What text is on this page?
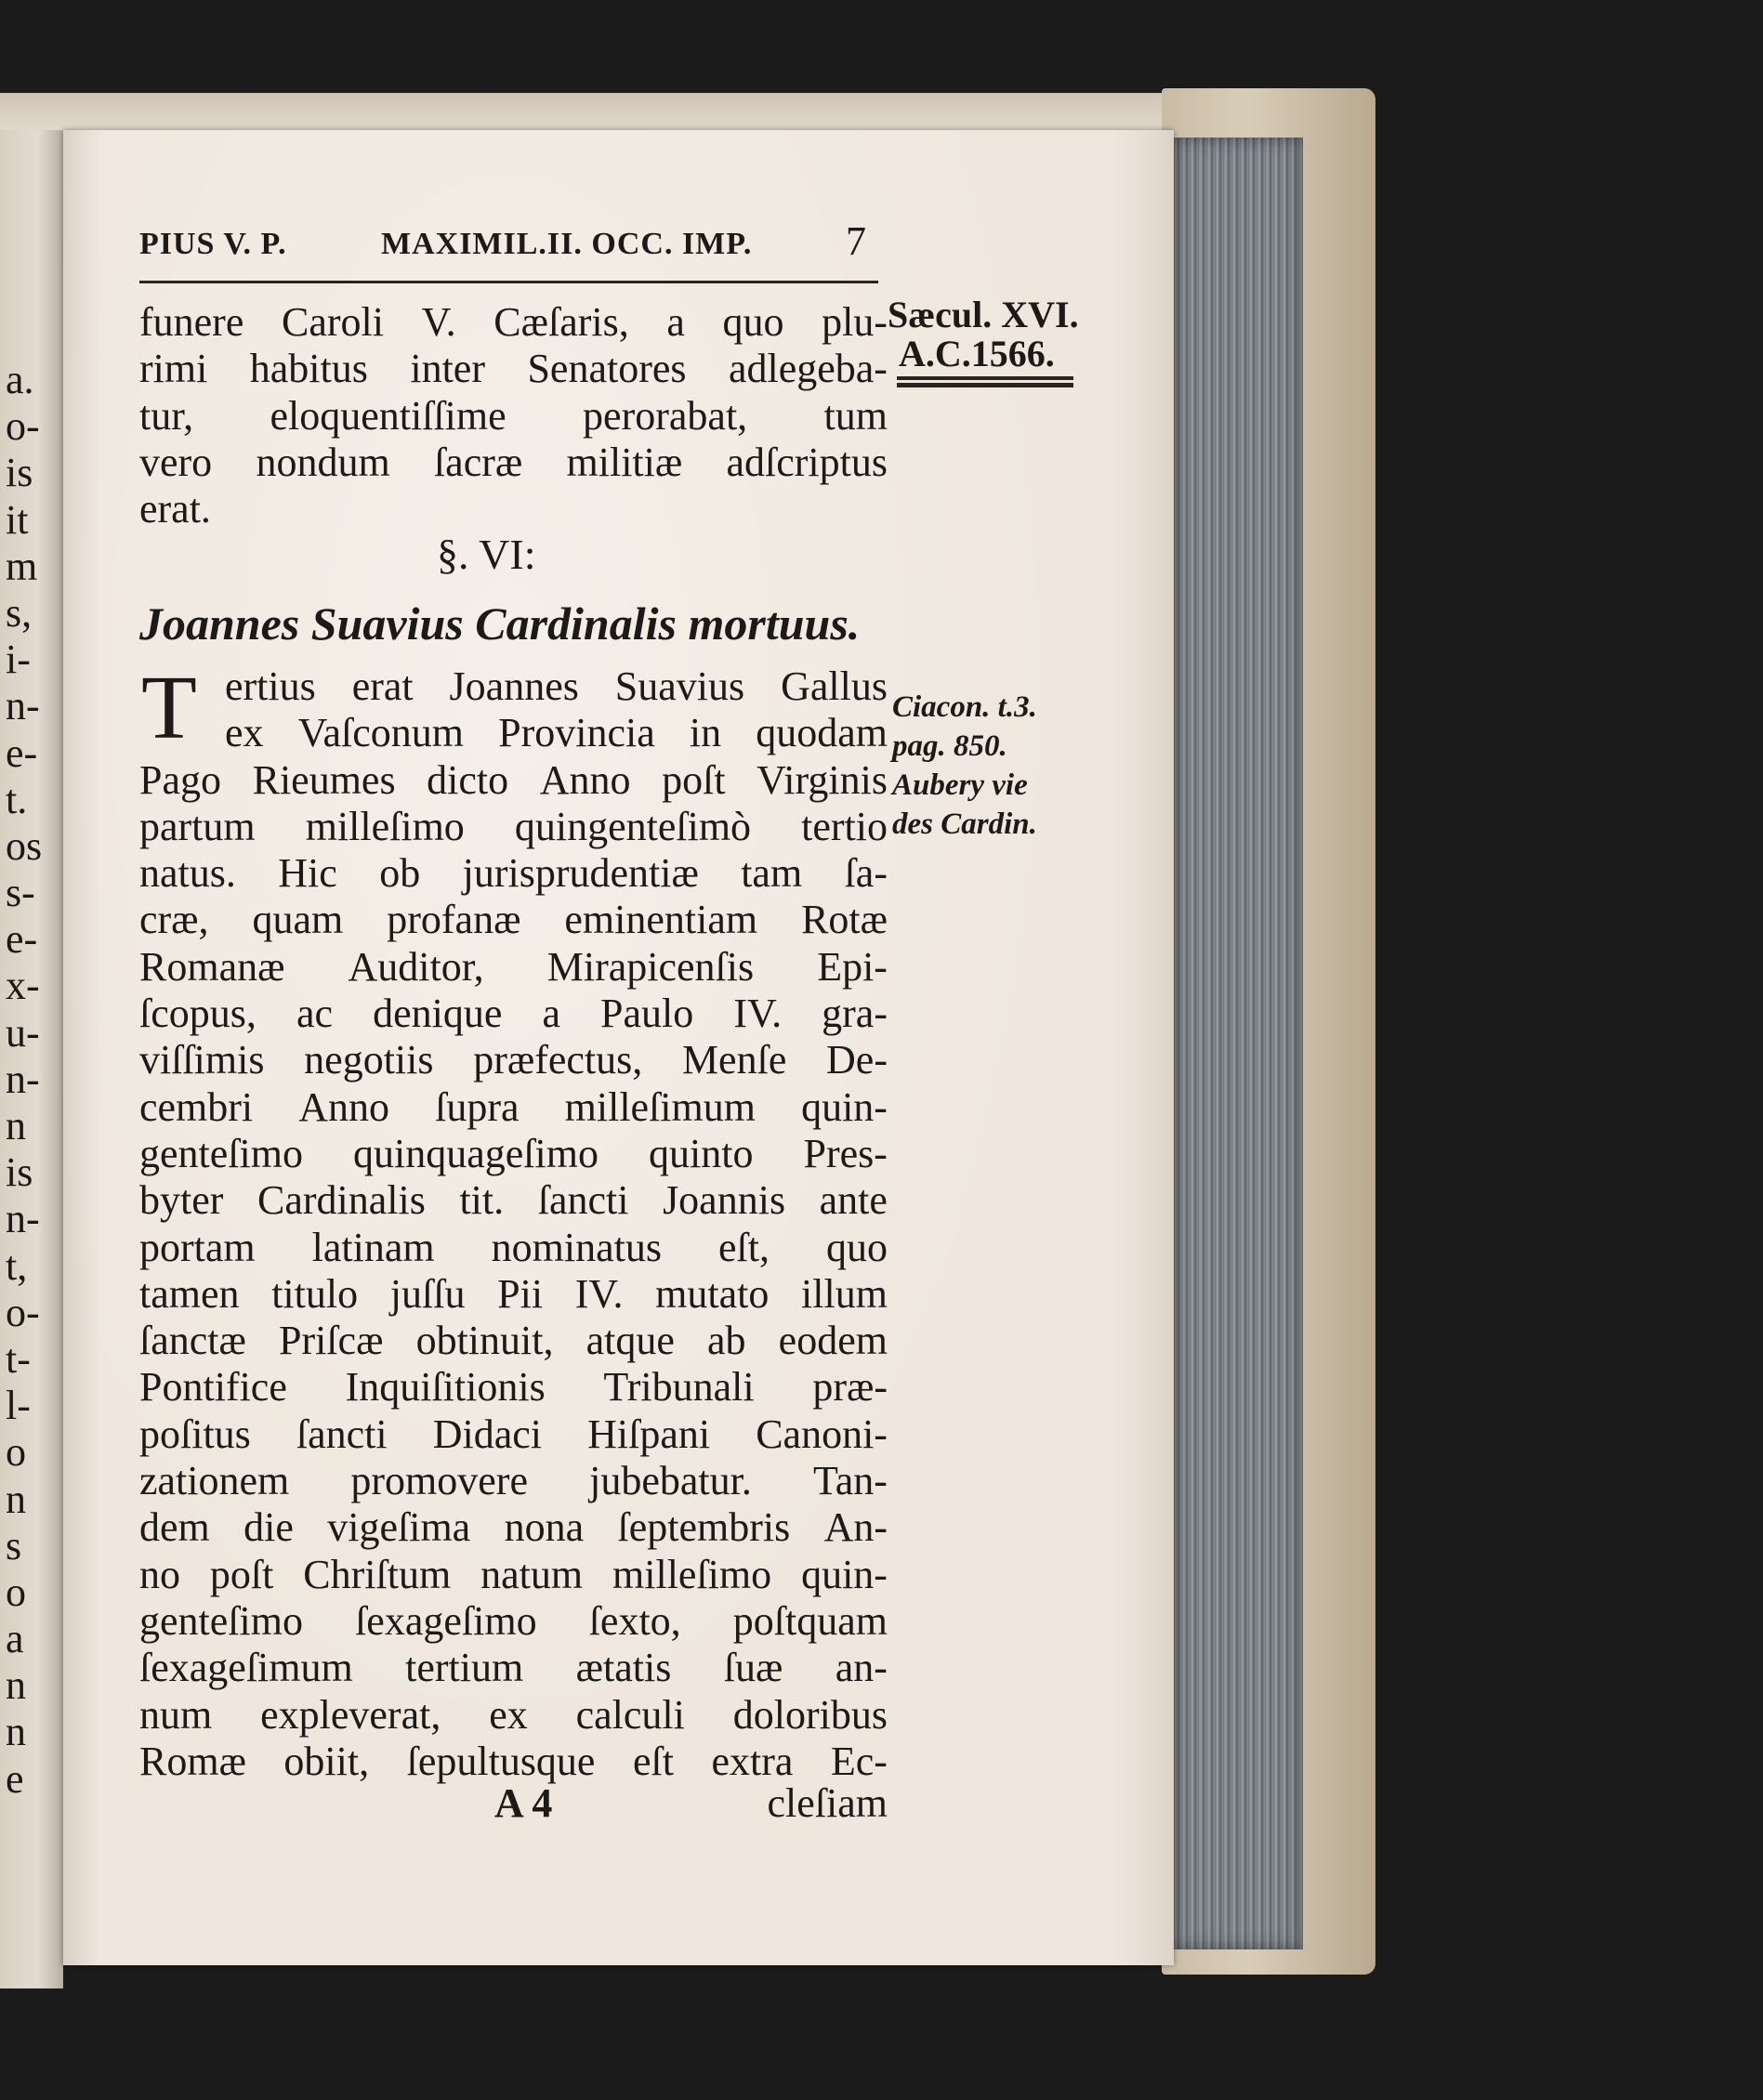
a.
o-
is
it
m
s,
i-
n-
e-
t.
os
s-
e-
x-
u-
n-
n
is
n-
t,
o-
t-
l-
o
n
s
o
a
n
n
e
PIUS V. P.	MAXIMIL.II. OCC. IMP. 7
Sæcul. XVI.
A.C.1566.
Ciacon. t.3.
pag. 850.
Aubery vie
des Cardin.
funere Caroli V. Cæſaris, a quo plu-
rimi habitus inter Senatores adlegeba-
tur, eloquentiſſime perorabat, tum
vero nondum ſacræ militiæ adſcriptus
erat.
§. VI:
Joannes Suavius Cardinalis mortuus.
T ertius erat Joannes Suavius Gallus
ex Vaſconum Provincia in quodam
Pago Rieumes dicto Anno poſt Virginis
partum milleſimo quingenteſimò tertio
natus. Hic ob jurisprudentiæ tam ſa-
cræ, quam profanæ eminentiam Rotæ
Romanæ Auditor, Mirapicenſis Epi-
ſcopus, ac denique a Paulo IV. gra-
viſſimis negotiis præfectus, Menſe De-
cembri Anno ſupra milleſimum quin-
genteſimo quinquageſimo quinto Pres-
byter Cardinalis tit. ſancti Joannis ante
portam latinam nominatus eſt, quo
tamen titulo juſſu Pii IV. mutato illum
ſanctæ Priſcæ obtinuit, atque ab eodem
Pontifice Inquiſitionis Tribunali præ-
poſitus ſancti Didaci Hiſpani Canoni-
zationem promovere jubebatur. Tan-
dem die vigeſima nona ſeptembris An-
no poſt Chriſtum natum milleſimo quin-
genteſimo ſexageſimo ſexto, poſtquam
ſexageſimum tertium ætatis ſuæ an-
num expleverat, ex calculi doloribus
Romæ obiit, ſepultusque eſt extra Ec-
A 4	cleſiam
